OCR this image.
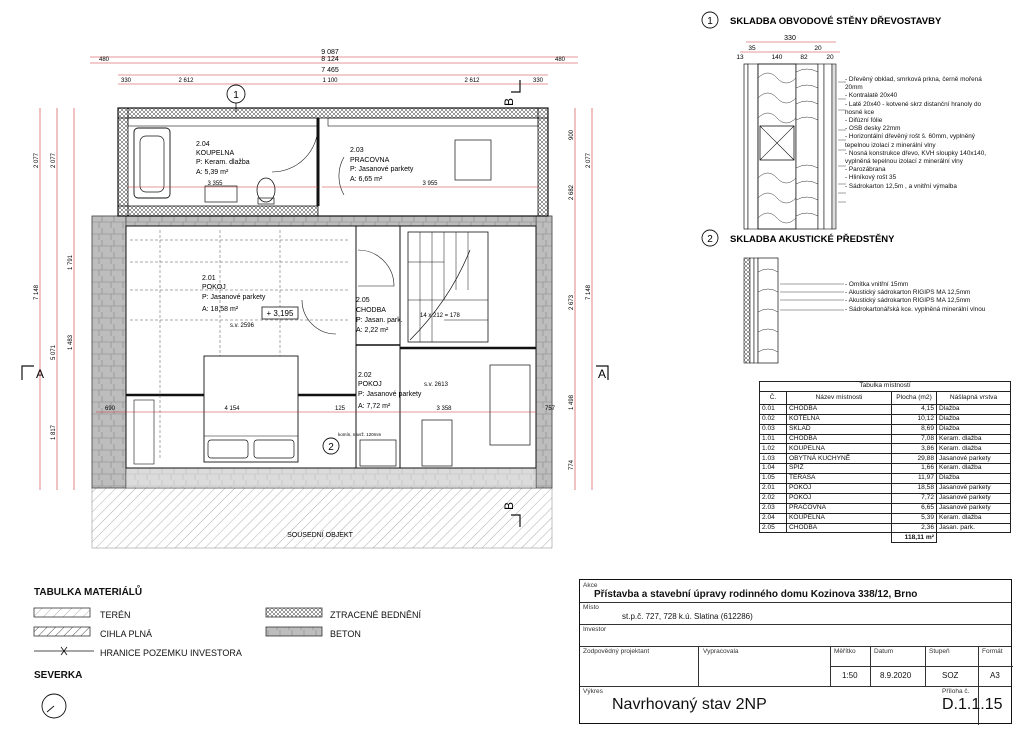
9 087
8 124
7 465
480	480
330	2 612	1 100	2 612	330
2 077 2 077
7 148
1 791
5 071
1 483
1 817
2 077
900
2 682
7 148
2 673
1 498
774
3 355	3 955
4 154	125	3 358	757
690
2.04
KOUPELNA
P: Keram. dlažba
A: 5,39 m²
2.03
PRACOVNA
P: Jasanové parkety
A: 6,65 m²
2.01
POKOJ
P: Jasanové parkety
A: 18,58 m²
s.v. 2596
2.05
CHODBA
P: Jasan. park.
A: 2,22 m²
2.02
POKOJ
P: Jasanové parkety
A: 7,72 m²
s.v. 2613
14 x 212 = 178
komín, navrž. 120mm
+ 3,195
1
2
A	A
B
B
SOUSEDNÍ OBJEKT
1 SKLADBA OBVODOVÉ STĚNY DŘEVOSTAVBY
330
13
35
140	82
20
20
- Dřevěný obklad, smrková prkna, černě mořená 20mm
- Kontralatě 20x40
- Latě 20x40 - kotvené skrz distanční hranoly do nosné kce
- Difúzní fólie
- OSB desky 22mm
- Horizontální dřevěný rošt š. 60mm, vyplněný tepelnou izolací z minerální vlny
- Nosná konstrukce dřevo, KVH sloupky 140x140, vyplněná tepelnou izolací z minerální vlny
- Parozábrana
- Hliníkový rošt 35
- Sádrokarton 12,5m , a vnitřní výmalba
2 SKLADBA AKUSTICKÉ PŘEDSTĚNY
- Omítka vnitřní 15mm
- Akustický sádrokarton RIGIPS MA 12,5mm
- Akustický sádrokarton RIGIPS MA 12,5mm
- Sádrokartonářská kce. vyplněná minerální vlnou
Tabulka místností			
Č.	Název místnosti	Plocha (m2)	Nášlapná vrstva
0.01	CHODBA	4,15	Dlažba
0.02	KOTELNA	10,12	Dlažba
0.03	SKLAD	8,69	Dlažba
1.01	CHODBA	7,08	Keram. dlažba
1.02	KOUPELNA	3,86	Keram. dlažba
1.03	OBYTNÁ KUCHYNĚ	29,88	Jasanové parkety
1.04	SPÍŽ	1,66	Keram. dlažba
1.05	TERASA	11,97	Dlažba
2.01	POKOJ	18,58	Jasanové parkety
2.02	POKOJ	7,72	Jasanové parkety
2.03	PRACOVNA	6,65	Jasanové parkety
2.04	KOUPELNA	5,39	Keram. dlažba
2.05	CHODBA	2,36	Jasan. park.
		118,11 m²	
TABULKA MATERIÁLŮ
TERÉN
CIHLA PLNÁ
HRANICE POZEMKU INVESTORA
ZTRACENÉ BEDNĚNÍ
BETON
SEVERKA
Akce
Přístavba a stavební úpravy rodinného domu Kozinova 338/12, Brno
Místo
st.p.č. 727, 728 k.ú. Slatina (612286)
Investor
Zodpovědný projektant	Vypracovala	Měřítko
1:50
Datum
8.9.2020
Stupeň
SOZ
Formát
A3
Výkres
Navrhovaný stav 2NP
Příloha č.
D.1.1.15
